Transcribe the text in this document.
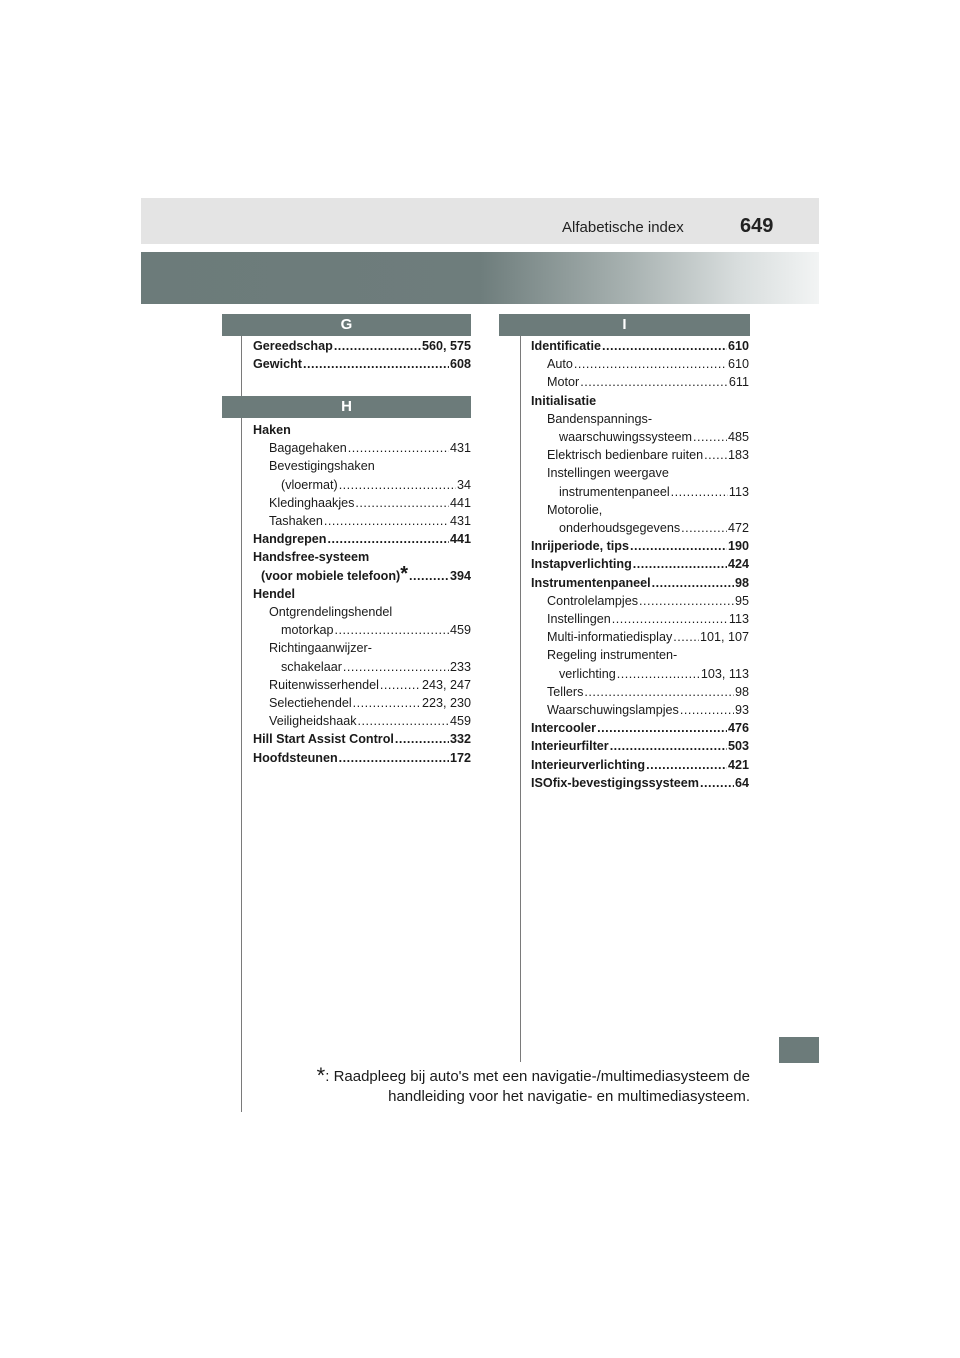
Alfabetische index	649
G
H
I
Gereedschap .....	560, 575
Gewicht .....	608
Haken
Bagagehaken .....	431
Bevestigingshaken
(vloermat) .....	34
Kledinghaakjes .....	441
Tashaken .....	431
Handgrepen .....	441
Handsfree-systeem
(voor mobiele telefoon) * .....	394
Hendel
Ontgrendelingshendel
motorkap .....	459
Richtingaanwijzer-
schakelaar .....	233
Ruitenwisserhendel .....	243, 247
Selectiehendel .....	223, 230
Veiligheidshaak .....	459
Hill Start Assist Control .....	332
Hoofdsteunen .....	172
Identificatie .....	610
Auto .....	610
Motor .....	611
Initialisatie
Bandenspannings-
waarschuwingssysteem .....	485
Elektrisch bedienbare ruiten ..... 183
Instellingen weergave
instrumentenpaneel .....	113
Motorolie,
onderhoudsgegevens .....	472
Inrijperiode, tips .....	190
Instapverlichting .....	424
Instrumentenpaneel .....	98
Controlelampjes .....	95
Instellingen .....	113
Multi-informatiedisplay ..... 101, 107
Regeling instrumenten-
verlichting .....	103, 113
Tellers .....	98
Waarschuwingslampjes .....	93
Intercooler .....	476
Interieurfilter .....	503
Interieurverlichting .....	421
ISOfix-bevestigingssysteem .....	64
*: Raadpleeg bij auto's met een navigatie-/multimediasysteem de
handleiding voor het navigatie- en multimediasysteem.
